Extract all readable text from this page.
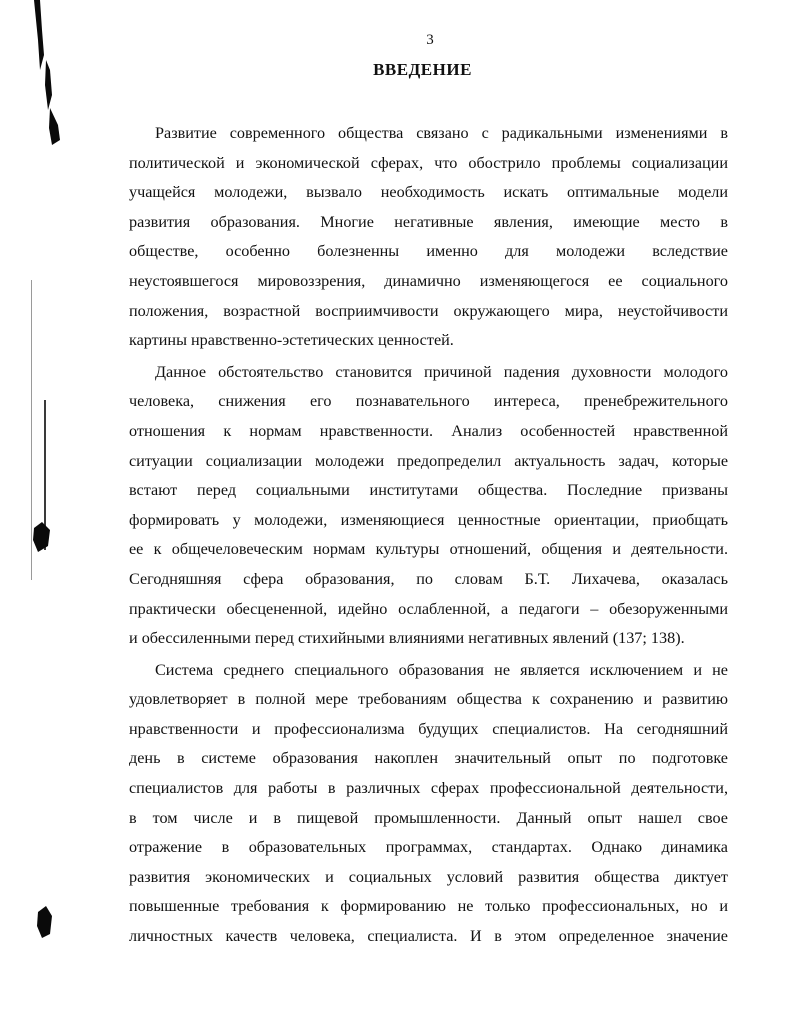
3
ВВЕДЕНИЕ
Развитие современного общества связано с радикальными изменениями в
политической и экономической сферах, что обострило проблемы социализации
учащейся молодежи, вызвало необходимость искать оптимальные модели
развития образования. Многие негативные явления, имеющие место в
обществе, особенно болезненны именно для молодежи вследствие
неустоявшегося мировоззрения, динамично изменяющегося ее социального
положения, возрастной восприимчивости окружающего мира, неустойчивости
картины нравственно-эстетических ценностей.
Данное обстоятельство становится причиной падения духовности молодого
человека, снижения его познавательного интереса, пренебрежительного
отношения к нормам нравственности. Анализ особенностей нравственной
ситуации социализации молодежи предопределил актуальность задач, которые
встают перед социальными институтами общества. Последние призваны
формировать у молодежи, изменяющиеся ценностные ориентации, приобщать
ее к общечеловеческим нормам культуры отношений, общения и деятельности.
Сегодняшняя сфера образования, по словам Б.Т. Лихачева, оказалась
практически обесцененной, идейно ослабленной, а педагоги – обезоруженными
и обессиленными перед стихийными влияниями негативных явлений (137; 138).
Система среднего специального образования не является исключением и не
удовлетворяет в полной мере требованиям общества к сохранению и развитию
нравственности и профессионализма будущих специалистов. На сегодняшний
день в системе образования накоплен значительный опыт по подготовке
специалистов для работы в различных сферах профессиональной деятельности,
в том числе и в пищевой промышленности. Данный опыт нашел свое
отражение в образовательных программах, стандартах. Однако динамика
развития экономических и социальных условий развития общества диктует
повышенные требования к формированию не только профессиональных, но и
личностных качеств человека, специалиста. И в этом определенное значение
